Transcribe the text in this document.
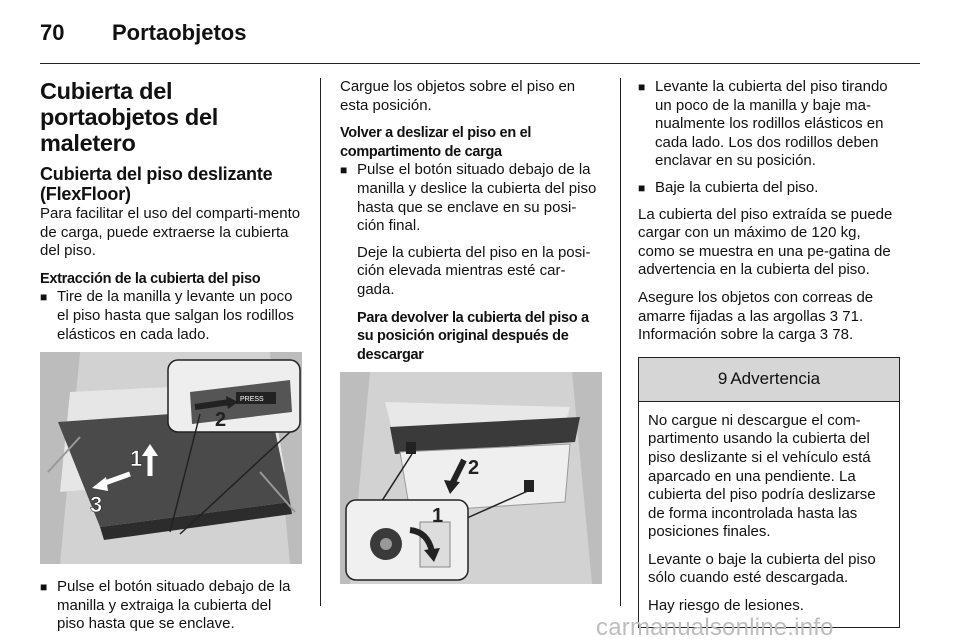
70 Portaobjetos
Cubierta del portaobjetos del maletero
Cubierta del piso deslizante (FlexFloor)

Para facilitar el uso del comparti-mento de carga, puede extraerse la cubierta del piso.

Extracción de la cubierta del piso
■ Tire de la manilla y levante un poco el piso hasta que salgan los rodillos elásticos en cada lado.
PRESS
2
1
3
■ Pulse el botón situado debajo de la manilla y extraiga la cubierta del piso hasta que se enclave.

Cargue los objetos sobre el piso en esta posición.

Volver a deslizar el piso en el compartimento de carga
■ Pulse el botón situado debajo de la manilla y deslice la cubierta del piso hasta que se enclave en su posi-ción final.

Deje la cubierta del piso en la posi-ción elevada mientras esté car-gada.

Para devolver la cubierta del piso a su posición original después de descargar
2
1
■ Levante la cubierta del piso tirando un poco de la manilla y baje ma-nualmente los rodillos elásticos en cada lado. Los dos rodillos deben enclavar en su posición.
■ Baje la cubierta del piso.

La cubierta del piso extraída se puede cargar con un máximo de 120 kg, como se muestra en una pe-gatina de advertencia en la cubierta del piso.

Asegure los objetos con correas de amarre fijadas a las argollas 3 71. Información sobre la carga 3 78.

9 Advertencia

No cargue ni descargue el com-partimento usando la cubierta del piso deslizante si el vehículo está aparcado en una pendiente. La cubierta del piso podría deslizarse de forma incontrolada hasta las posiciones finales.

Levante o baje la cubierta del piso sólo cuando esté descargada.

Hay riesgo de lesiones.

carmanualsonline.info
